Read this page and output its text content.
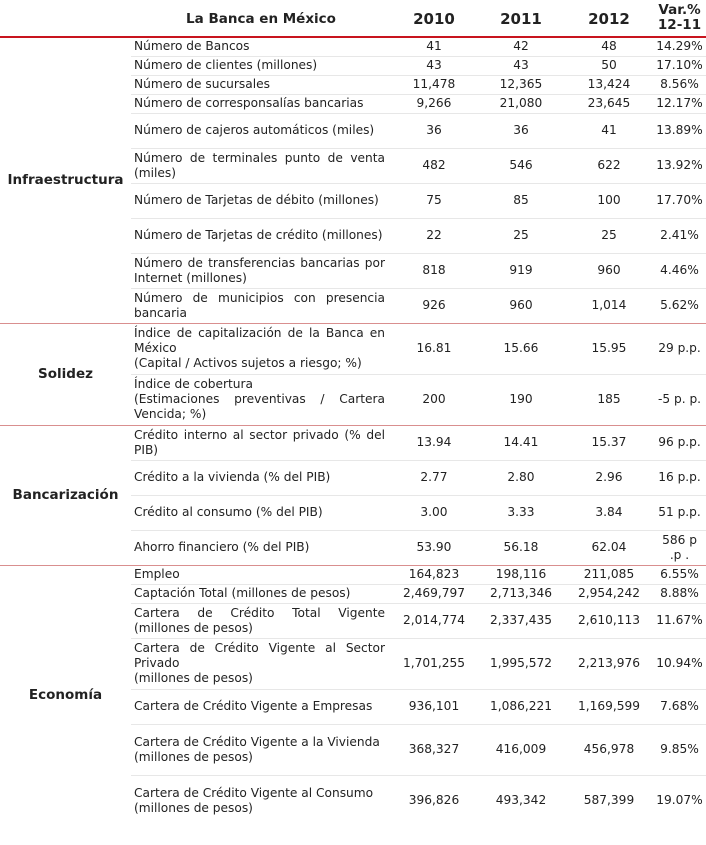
	La Banca en México	2010	2011	2012	Var.%
12-11

Infraestructura	Número de Bancos	41	42	48	14.29%
	Número de clientes (millones)	43	43	50	17.10%
	Número de sucursales	11,478	12,365	13,424	8.56%
	Número de corresponsalías bancarias	9,266	21,080	23,645	12.17%
	Número de cajeros automáticos (miles)	36	36	41	13.89%
	Número de terminales punto de venta (miles)	482	546	622	13.92%
	Número de Tarjetas de débito (millones)	75	85	100	17.70%
	Número de Tarjetas de crédito (millones)	22	25	25	2.41%
	Número de transferencias bancarias por Internet (millones)	818	919	960	4.46%
	Número de municipios con presencia bancaria	926	960	1,014	5.62%
Solidez	Índice de capitalización de la Banca en México
(Capital / Activos sujetos a riesgo; %)	16.81	15.66	15.95	29 p.p.

	Índice de cobertura
(Estimaciones preventivas / Cartera Vencida; %)	200	190	185	-5 p. p.
Bancarización	Crédito interno al sector privado (% del PIB)	13.94	14.41	15.37	96 p.p.
	Crédito a la vivienda (% del PIB)	2.77	2.80	2.96	16 p.p.
	Crédito al consumo (% del PIB)	3.00	3.33	3.84	51 p.p.
	Ahorro financiero (% del PIB)	53.90	56.18	62.04	586 p .p .
Economía	Empleo	164,823	198,116	211,085	6.55%
	Captación Total (millones de pesos)	2,469,797	2,713,346	2,954,242	8.88%
	Cartera de Crédito Total Vigente (millones de pesos)	2,014,774	2,337,435	2,610,113	11.67%

	Cartera de Crédito Vigente al Sector Privado
(millones de pesos)	1,701,255	1,995,572	2,213,976	10.94%
	Cartera de Crédito Vigente a Empresas	936,101	1,086,221	1,169,599	7.68%

	Cartera de Crédito Vigente a la Vivienda
(millones de pesos)	368,327	416,009	456,978	9.85%

	Cartera de Crédito Vigente al Consumo
(millones de pesos)	396,826	493,342	587,399	19.07%
